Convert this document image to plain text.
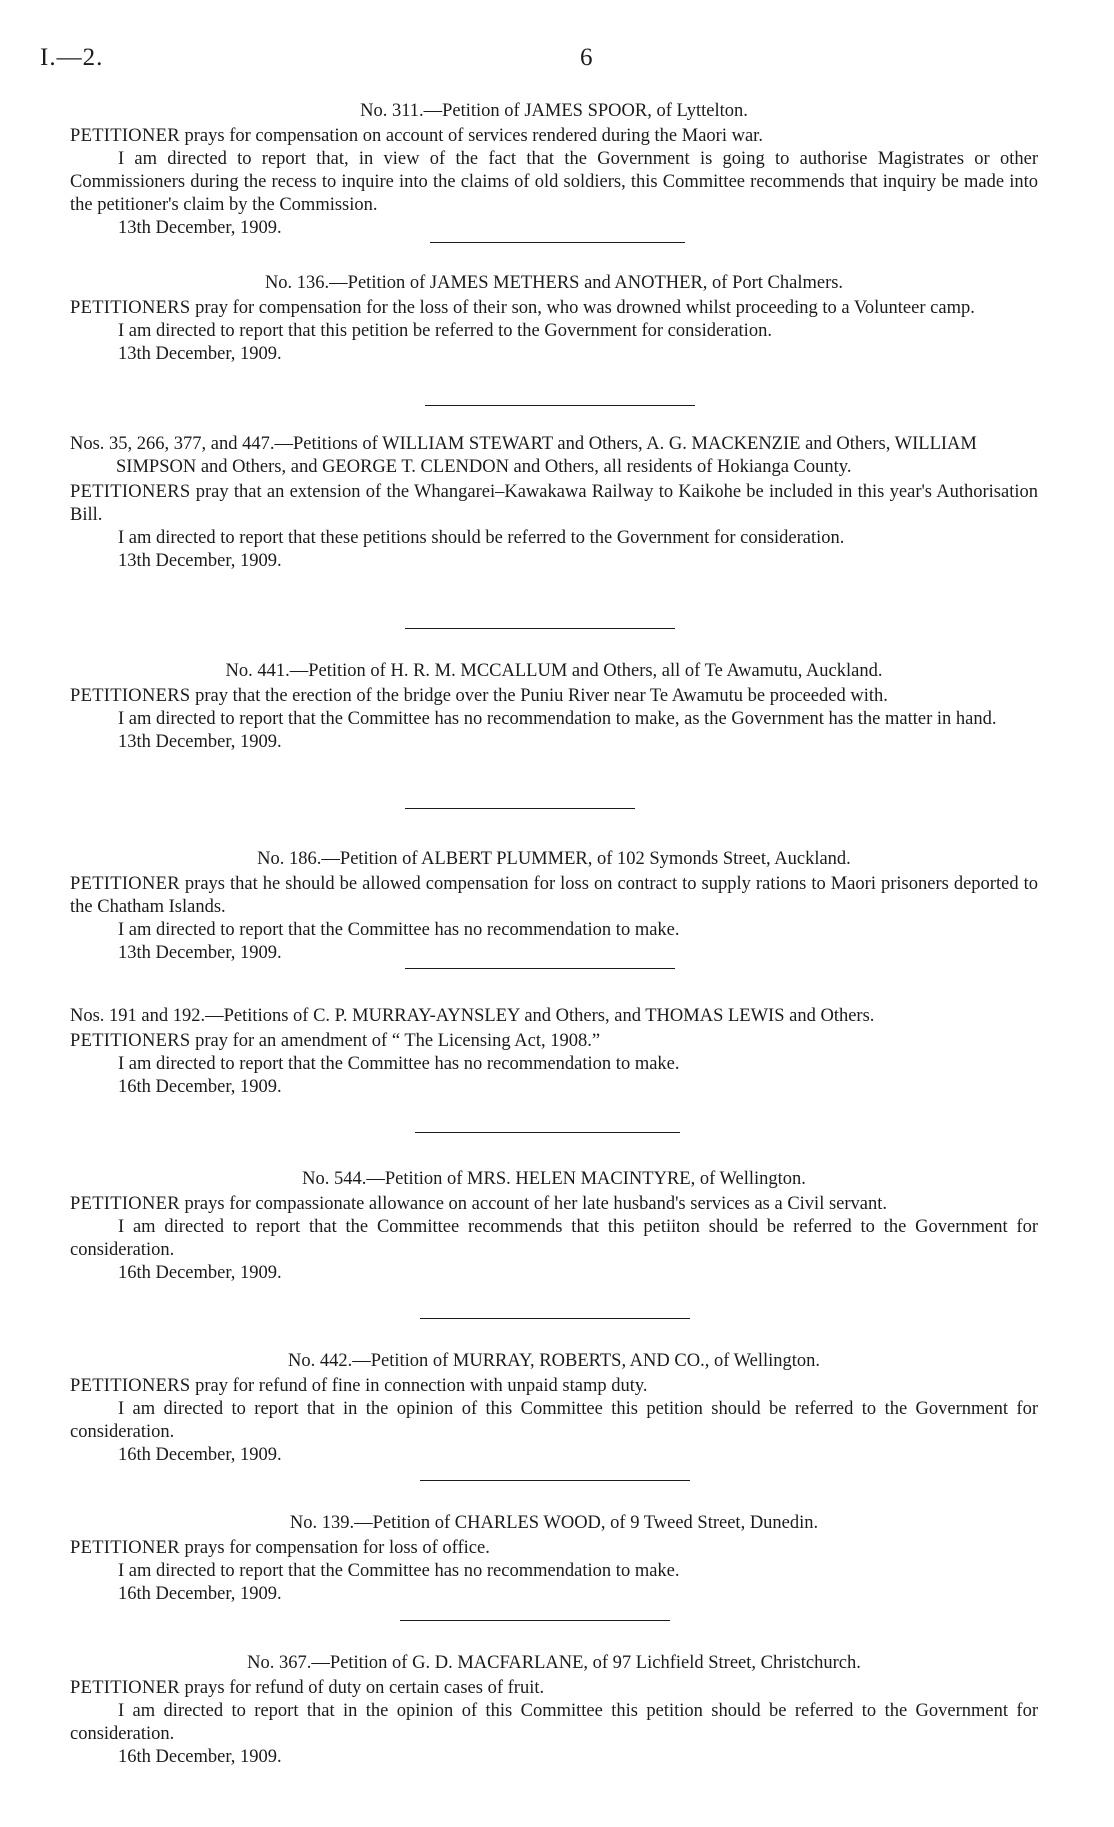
I.—2.	6
No. 311.—Petition of JAMES SPOOR, of Lyttelton.

PETITIONER prays for compensation on account of services rendered during the Maori war.

I am directed to report that, in view of the fact that the Government is going to authorise Magistrates or other Commissioners during the recess to inquire into the claims of old soldiers, this Committee recommends that inquiry be made into the petitioner's claim by the Commission.

13th December, 1909.

No. 136.—Petition of JAMES METHERS and ANOTHER, of Port Chalmers.

PETITIONERS pray for compensation for the loss of their son, who was drowned whilst proceeding to a Volunteer camp.

I am directed to report that this petition be referred to the Government for consideration.

13th December, 1909.

Nos. 35, 266, 377, and 447.—Petitions of WILLIAM STEWART and Others, A. G. MACKENZIE and Others, WILLIAM SIMPSON and Others, and GEORGE T. CLENDON and Others, all residents of Hokianga County.

PETITIONERS pray that an extension of the Whangarei–Kawakawa Railway to Kaikohe be included in this year's Authorisation Bill.

I am directed to report that these petitions should be referred to the Government for consideration.

13th December, 1909.

No. 441.—Petition of H. R. M. MCCALLUM and Others, all of Te Awamutu, Auckland.

PETITIONERS pray that the erection of the bridge over the Puniu River near Te Awamutu be proceeded with.

I am directed to report that the Committee has no recommendation to make, as the Government has the matter in hand.

13th December, 1909.

No. 186.—Petition of ALBERT PLUMMER, of 102 Symonds Street, Auckland.

PETITIONER prays that he should be allowed compensation for loss on contract to supply rations to Maori prisoners deported to the Chatham Islands.

I am directed to report that the Committee has no recommendation to make.

13th December, 1909.

Nos. 191 and 192.—Petitions of C. P. MURRAY-AYNSLEY and Others, and THOMAS LEWIS and Others.

PETITIONERS pray for an amendment of “ The Licensing Act, 1908.”

I am directed to report that the Committee has no recommendation to make.

16th December, 1909.

No. 544.—Petition of MRS. HELEN MACINTYRE, of Wellington.

PETITIONER prays for compassionate allowance on account of her late husband's services as a Civil servant.

I am directed to report that the Committee recommends that this petiiton should be referred to the Government for consideration.

16th December, 1909.

No. 442.—Petition of MURRAY, ROBERTS, AND CO., of Wellington.

PETITIONERS pray for refund of fine in connection with unpaid stamp duty.

I am directed to report that in the opinion of this Committee this petition should be referred to the Government for consideration.

16th December, 1909.

No. 139.—Petition of CHARLES WOOD, of 9 Tweed Street, Dunedin.

PETITIONER prays for compensation for loss of office.

I am directed to report that the Committee has no recommendation to make.

16th December, 1909.

No. 367.—Petition of G. D. MACFARLANE, of 97 Lichfield Street, Christchurch.

PETITIONER prays for refund of duty on certain cases of fruit.

I am directed to report that in the opinion of this Committee this petition should be referred to the Government for consideration.

16th December, 1909.
